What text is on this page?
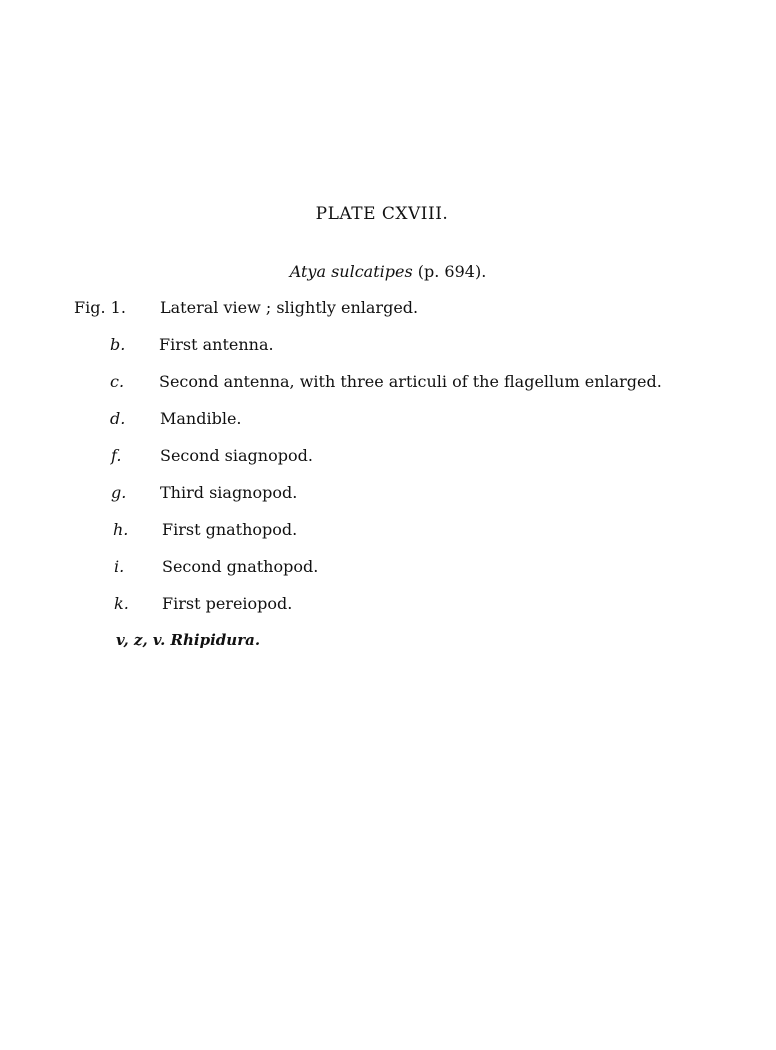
PLATE CXVIII.
Atya sulcatipes (p. 694).
Fig. 1. Lateral view ; slightly enlarged.
b. First antenna.
c. Second antenna, with three articuli of the flagellum enlarged.
d. Mandible.
f. Second siagnopod.
g. Third siagnopod.
h. First gnathopod.
i. Second gnathopod.
k. First pereiopod.
v, z, v. Rhipidura.
